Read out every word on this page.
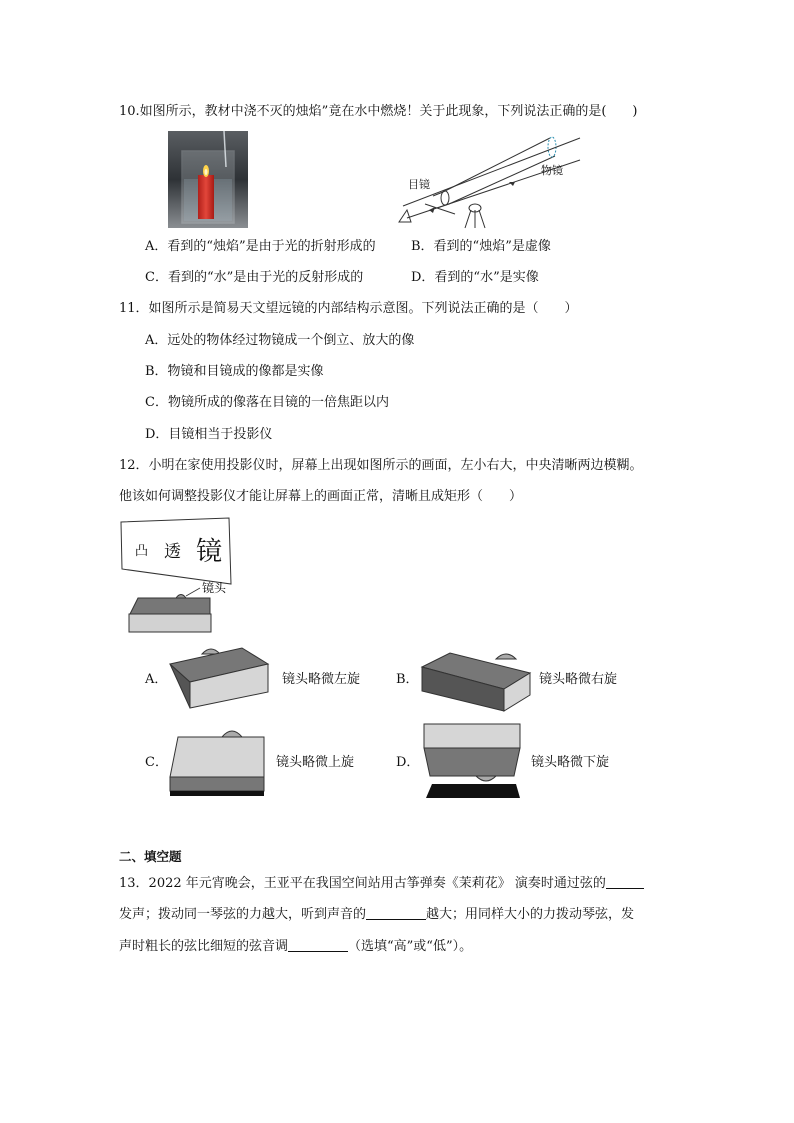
10.如图所示，教材中浇不灭的烛焰”竟在水中燃烧！关于此现象，下列说法正确的是(　　)
目镜
物镜
A．看到的“烛焰”是由于光的折射形成的	B．看到的“烛焰”是虚像
C．看到的“水”是由于光的反射形成的	D．看到的“水”是实像
11．如图所示是简易天文望远镜的内部结构示意图。下列说法正确的是（　　）
A．远处的物体经过物镜成一个倒立、放大的像
B．物镜和目镜成的像都是实像
C．物镜所成的像落在目镜的一倍焦距以内
D．目镜相当于投影仪
12．小明在家使用投影仪时，屏幕上出现如图所示的画面，左小右大，中央清晰两边模糊。
他该如何调整投影仪才能让屏幕上的画面正常，清晰且成矩形（　　）
凸 透 镜
镜头
A．	镜头略微左旋	B．	镜头略微右旋
C．	镜头略微上旋	D．	镜头略微下旋
二、填空题
13．2022 年元宵晚会，王亚平在我国空间站用古筝弹奏《茉莉花》 演奏时通过弦的
发声；拨动同一琴弦的力越大，听到声音的	越大；用同样大小的力拨动琴弦，发
声时粗长的弦比细短的弦音调	（选填“高”或“低”）。
